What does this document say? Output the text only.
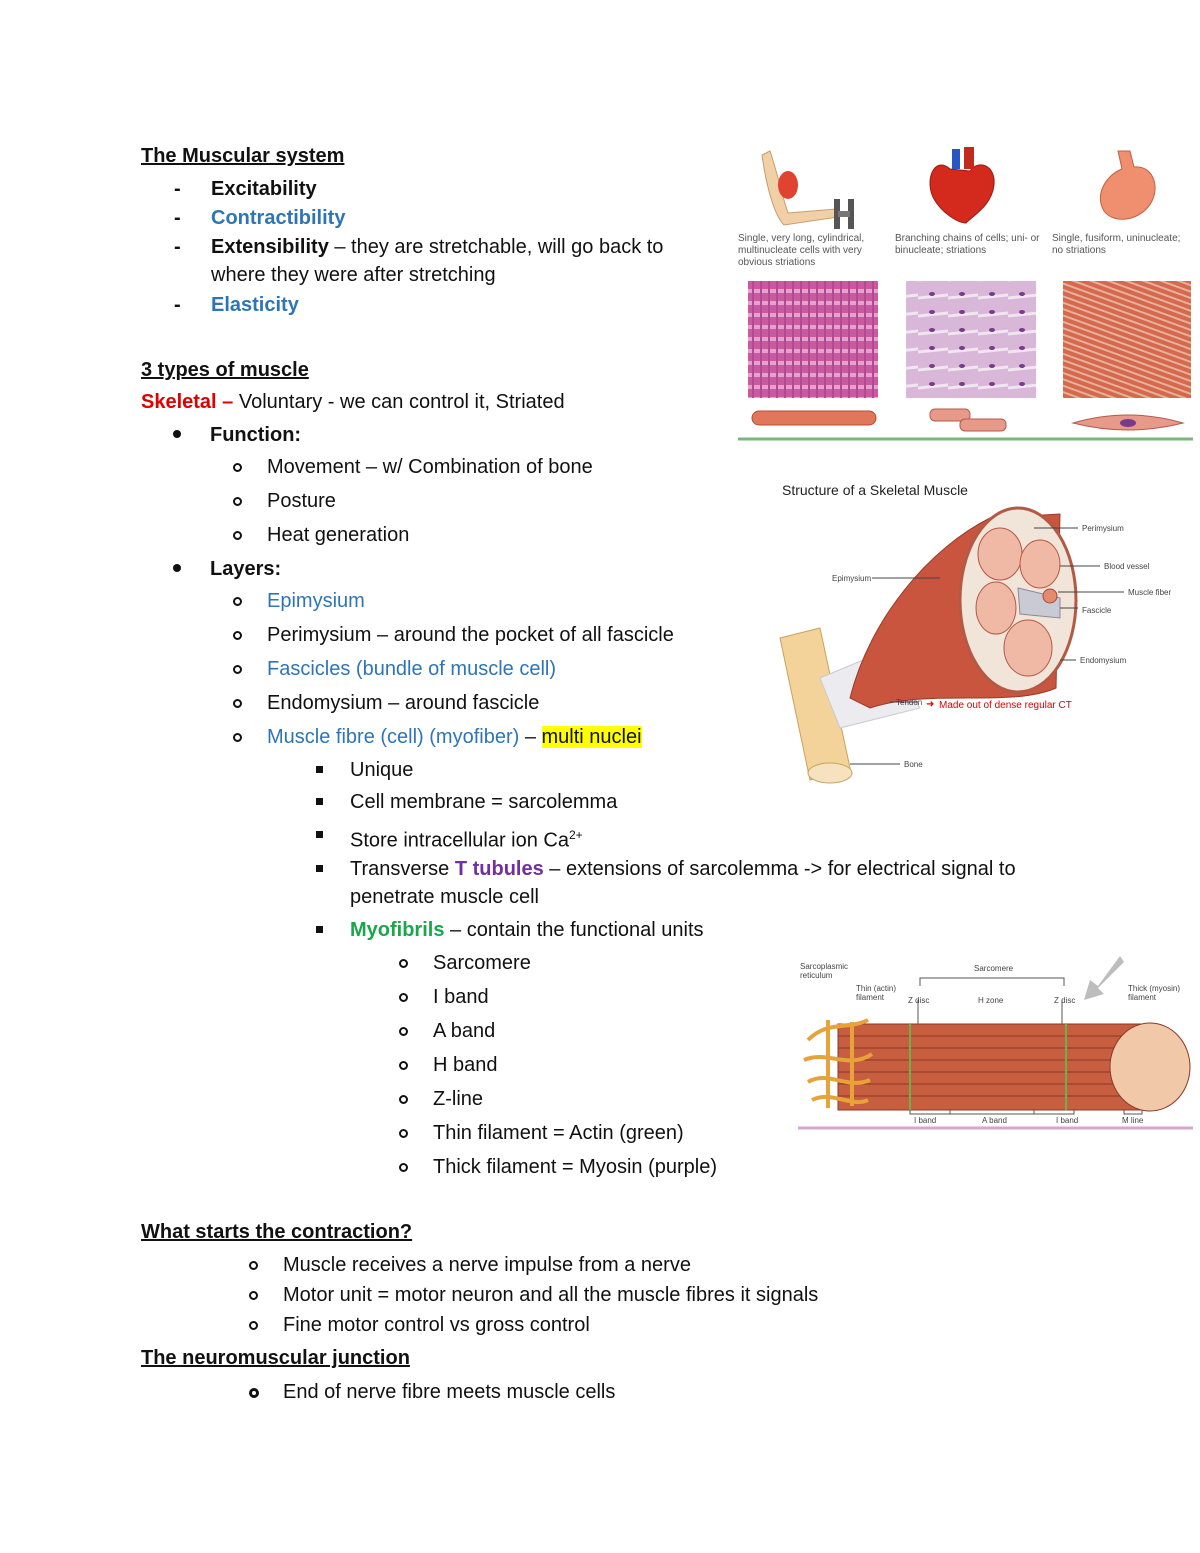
The Muscular system
- Excitability
- Contractibility
- Extensibility – they are stretchable, will go back to
where they were after stretching
- Elasticity
3 types of muscle
Skeletal – Voluntary - we can control it, Striated
Function:
Movement – w/ Combination of bone
Posture
Heat generation
Layers:
Epimysium
Perimysium – around the pocket of all fascicle
Fascicles (bundle of muscle cell)
Endomysium – around fascicle
Muscle fibre (cell) (myofiber) – multi nuclei
Unique
Cell membrane = sarcolemma
Store intracellular ion $Ca^{2+}$
Transverse T tubules – extensions of sarcolemma -> for electrical signal to
penetrate muscle cell
Myofibrils – contain the functional units
Sarcomere
I band
A band
H band
Z-line
Thin filament = Actin (green)
Thick filament = Myosin (purple)
What starts the contraction?
Muscle receives a nerve impulse from a nerve
Motor unit = motor neuron and all the muscle fibres it signals
Fine motor control vs gross control
The neuromuscular junction
End of nerve fibre meets muscle cells
Single, very long, cylindrical, multinucleate cells with very obvious striations
Branching chains of cells; uni- or binucleate; striations
Single, fusiform, uninucleate; no striations
Structure of a Skeletal Muscle
Perimysium
Blood vessel
Muscle fiber
Fascicle
Endomysium
Epimysium
Tendon
Bone
➜ Made out of dense regular CT
Sarcoplasmic reticulum
Sarcomere
Thin (actin) filament	Z disc	H zone	Z disc
Thick (myosin) filament
I band	A band	I band	M line
